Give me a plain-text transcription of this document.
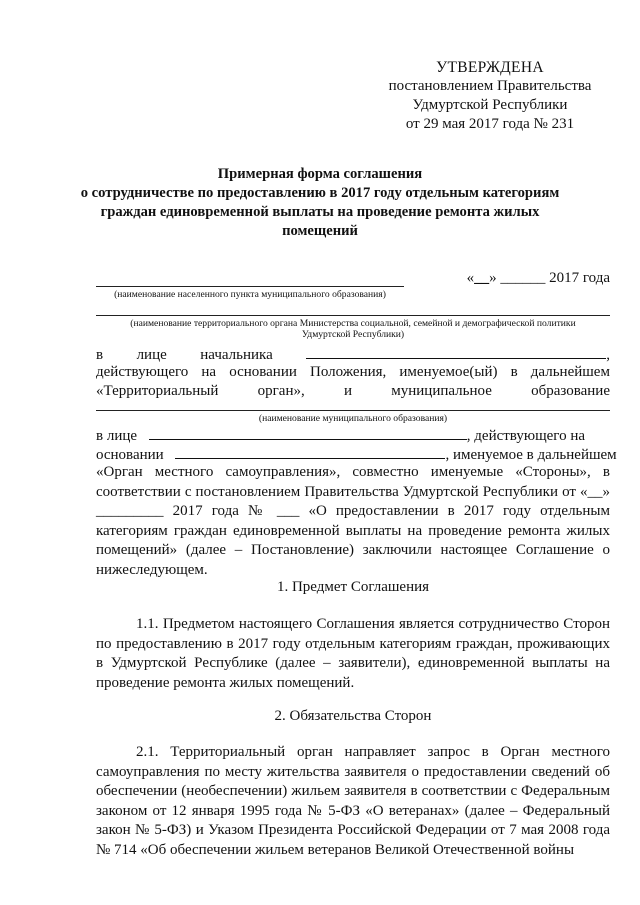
УТВЕРЖДЕНА
постановлением Правительства
Удмуртской Республики
от 29 мая 2017 года № 231
Примерная форма соглашения
о сотрудничестве по предоставлению в 2017 году отдельным категориям
граждан единовременной выплаты на проведение ремонта жилых
помещений
(наименование населенного пункта муниципального образования)
«__» ______ 2017 года
(наименование территориального органа Министерства социальной, семейной и демографической политики
Удмуртской Республики)
в лице начальника	,
действующего на основании Положения, именуемое(ый) в дальнейшем
«Территориальный	орган»,	и	муниципальное	образование
(наименование муниципального образования)
в лице	, действующего на
основании	, именуемое в дальнейшем
«Орган местного самоуправления», совместно именуемые «Стороны», в соответствии с постановлением Правительства Удмуртской Республики от «__» _________ 2017 года № ___ «О предоставлении в 2017 году отдельным категориям граждан единовременной выплаты на проведение ремонта жилых помещений» (далее – Постановление) заключили настоящее Соглашение о нижеследующем.
1. Предмет Соглашения
1.1. Предметом настоящего Соглашения является сотрудничество Сторон по предоставлению в 2017 году отдельным категориям граждан, проживающих в Удмуртской Республике (далее – заявители), единовременной выплаты на проведение ремонта жилых помещений.
2. Обязательства Сторон
2.1. Территориальный орган направляет запрос в Орган местного самоуправления по месту жительства заявителя о предоставлении сведений об обеспечении (необеспечении) жильем заявителя в соответствии с Федеральным законом от 12 января 1995 года № 5-ФЗ «О ветеранах» (далее – Федеральный закон № 5-ФЗ) и Указом Президента Российской Федерации от 7 мая 2008 года № 714 «Об обеспечении жильем ветеранов Великой Отечественной войны
